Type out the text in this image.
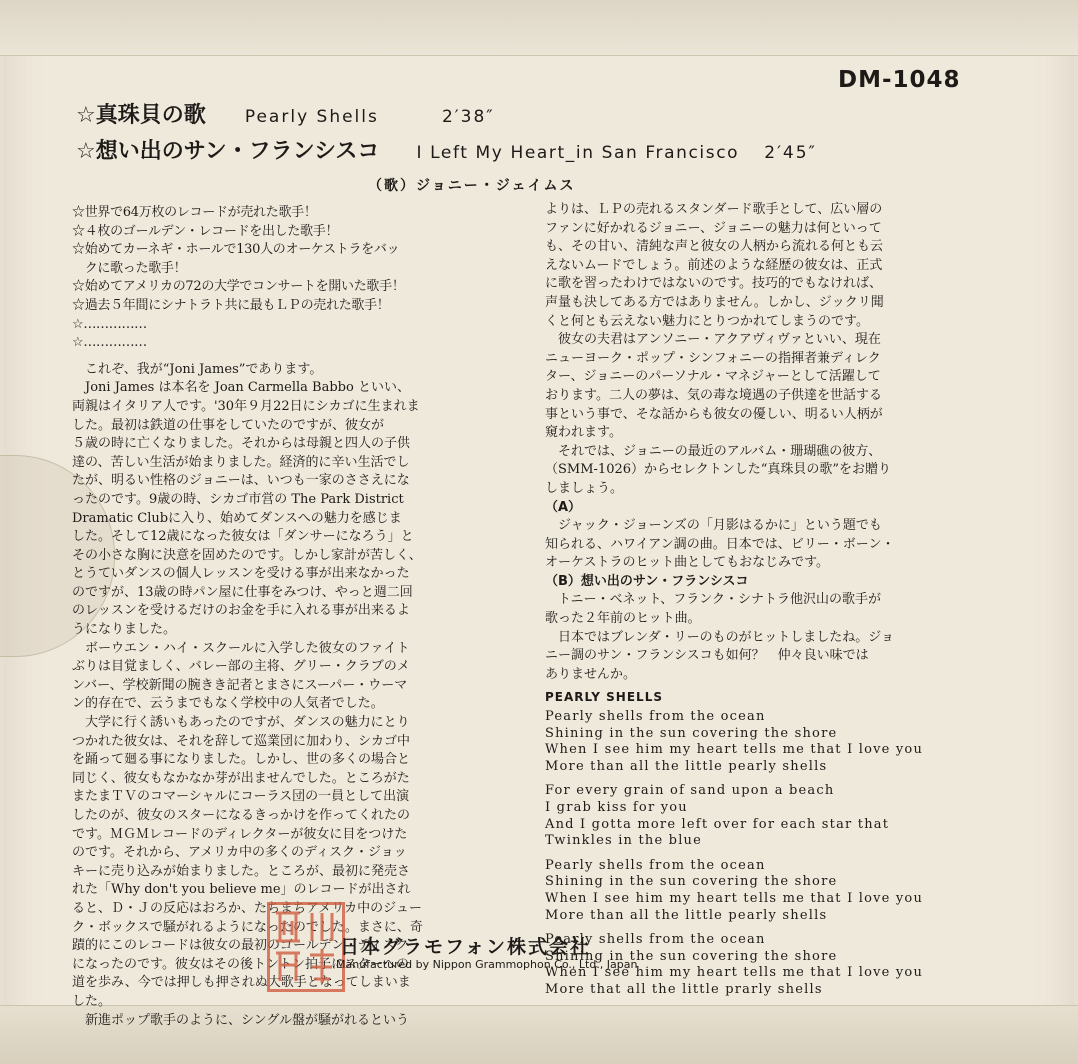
DM-1048
☆真珠貝の歌 Pearly Shells	2′38″
☆想い出のサン・フランシスコ I Left My Heart_in San Francisco 2′45″
（歌）ジョニー・ジェイムス

☆世界で64万枚のレコードが売れた歌手！

☆４枚のゴールデン・レコードを出した歌手！

☆始めてカーネギ・ホールで130人のオーケストラをバッ

　クに歌った歌手！

☆始めてアメリカの72の大学でコンサートを開いた歌手！

☆過去５年間にシナトラト共に最もＬＰの売れた歌手！

☆……………

☆……………

　これぞ、我が“Joni James”であります。

　Joni James は本名を Joan Carmella Babbo といい、

両親はイタリア人です。'30年９月22日にシカゴに生まれま

した。最初は鉄道の仕事をしていたのですが、彼女が

５歳の時に亡くなりました。それからは母親と四人の子供

達の、苦しい生活が始まりました。経済的に辛い生活でし

たが、明るい性格のジョニーは、いつも一家のささえにな

ったのです。9歳の時、シカゴ市営の The Park District

Dramatic Clubに入り、始めてダンスへの魅力を感じま

した。そして12歳になった彼女は「ダンサーになろう」と

その小さな胸に決意を固めたのです。しかし家計が苦しく、

とうていダンスの個人レッスンを受ける事が出来なかった

のですが、13歳の時パン屋に仕事をみつけ、やっと週二回

のレッスンを受けるだけのお金を手に入れる事が出来るよ

うになりました。

　ボーウエン・ハイ・スクールに入学した彼女のファイト

ぶりは目覚ましく、バレー部の主将、グリー・クラブのメ

ンバー、学校新聞の腕きき記者とまさにスーパー・ウーマ

ン的存在で、云うまでもなく学校中の人気者でした。

　大学に行く誘いもあったのですが、ダンスの魅力にとり

つかれた彼女は、それを辞して巡業団に加わり、シカゴ中

を踊って廻る事になりました。しかし、世の多くの場合と

同じく、彼女もなかなか芽が出ませんでした。ところがた

またまＴＶのコマーシャルにコーラス団の一員として出演

したのが、彼女のスターになるきっかけを作ってくれたの

です。ＭＧＭレコードのディレクターが彼女に目をつけた

のです。それから、アメリカ中の多くのディスク・ジョッ

キーに売り込みが始まりました。ところが、最初に発売さ

れた「Why don't you believe me」のレコードが出され

ると、Ｄ・Ｊの反応はおろか、たちまちアメリカ中のジュー

ク・ボックスで騒がれるようになったのでした。まさに、奇

蹟的にこのレコードは彼女の最初のゴールデン・ディスク

になったのです。彼女はその後トントン拍子にスターへの

道を歩み、今では押しも押されぬ大歌手となってしまいま

した。

　新進ポップ歌手のように、シングル盤が騒がれるという

よりは、ＬＰの売れるスタンダード歌手として、広い層の

ファンに好かれるジョニー、ジョニーの魅力は何といって

も、その甘い、清純な声と彼女の人柄から流れる何とも云

えないムードでしょう。前述のような経歴の彼女は、正式

に歌を習ったわけではないのです。技巧的でもなければ、

声量も決してある方ではありません。しかし、ジックリ聞

くと何とも云えない魅力にとりつかれてしまうのです。

　彼女の夫君はアンソニー・アクアヴィヴァといい、現在

ニューヨーク・ポップ・シンフォニーの指揮者兼ディレク

ター、ジョニーのパーソナル・マネジャーとして活躍して

おります。二人の夢は、気の毒な境遇の子供達を世話する

事という事で、そな話からも彼女の優しい、明るい人柄が

窺われます。

　それでは、ジョニーの最近のアルバム・珊瑚礁の彼方、

（SMM-1026）からセレクトンした“真珠貝の歌”をお贈り

しましょう。

（A）

　ジャック・ジョーンズの「月影はるかに」という題でも

知られる、ハワイアン調の曲。日本では、ビリー・ボーン・

オーケストラのヒット曲としてもおなじみです。

（B）想い出のサン・フランシスコ

　トニー・ベネット、フランク・シナトラ他沢山の歌手が

歌った２年前のヒット曲。

　日本ではブレンダ・リーのものがヒットしましたね。ジョ

ニー調のサン・フランシスコも如何？　仲々良い味では

ありませんか。

PEARLY SHELLS

Pearly shells from the ocean

Shining in the sun covering the shore

When I see him my heart tells me that I love you

More than all the little pearly shells

For every grain of sand upon a beach

I grab kiss for you

And I gotta more left over for each star that

Twinkles in the blue

Pearly shells from the ocean

Shining in the sun covering the shore

When I see him my heart tells me that I love you

More than all the little pearly shells

Pearly shells from the ocean

Shining in the sun covering the shore

When I see him my heart tells me that I love you

More that all the little prarly shells

日本グラモフォン株式会社
Manufactured by Nippon Grammophon Co., Ltd., Japan
